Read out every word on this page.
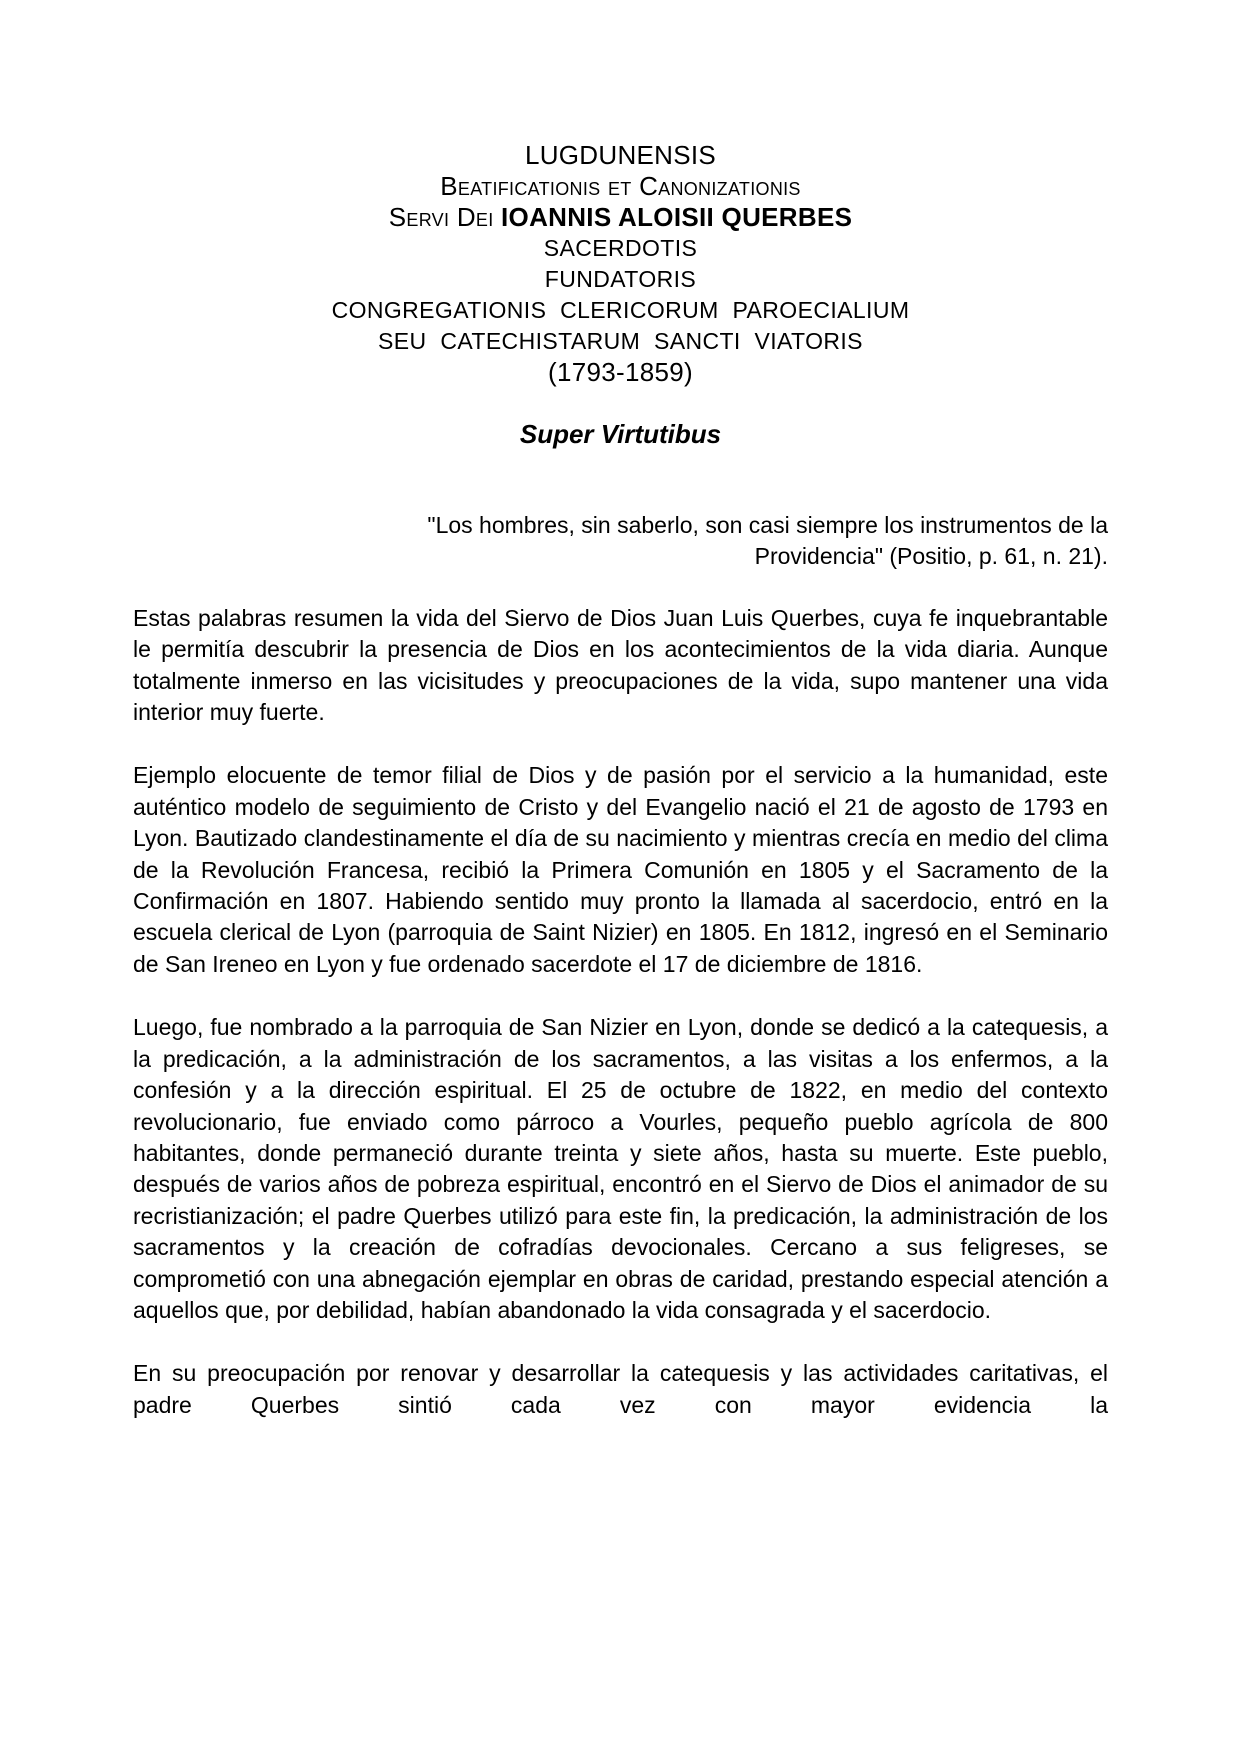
LUGDUNENSIS
Beatificationis et Canonizationis
Servi Dei IOANNIS ALOISII QUERBES
SACERDOTIS
FUNDATORIS
CONGREGATIONIS CLERICORUM PAROECIALIUM
SEU CATECHISTARUM SANCTI VIATORIS
(1793-1859)
Super Virtutibus
"Los hombres, sin saberlo, son casi siempre los instrumentos de la
Providencia" (Positio, p. 61, n. 21).

Estas palabras resumen la vida del Siervo de Dios Juan Luis Querbes, cuya fe inquebrantable le permitía descubrir la presencia de Dios en los acontecimientos de la vida diaria. Aunque totalmente inmerso en las vicisitudes y preocupaciones de la vida, supo mantener una vida interior muy fuerte.

Ejemplo elocuente de temor filial de Dios y de pasión por el servicio a la humanidad, este auténtico modelo de seguimiento de Cristo y del Evangelio nació el 21 de agosto de 1793 en Lyon. Bautizado clandestinamente el día de su nacimiento y mientras crecía en medio del clima de la Revolución Francesa, recibió la Primera Comunión en 1805 y el Sacramento de la Confirmación en 1807. Habiendo sentido muy pronto la llamada al sacerdocio, entró en la escuela clerical de Lyon (parroquia de Saint Nizier) en 1805. En 1812, ingresó en el Seminario de San Ireneo en Lyon y fue ordenado sacerdote el 17 de diciembre de 1816.

Luego, fue nombrado a la parroquia de San Nizier en Lyon, donde se dedicó a la catequesis, a la predicación, a la administración de los sacramentos, a las visitas a los enfermos, a la confesión y a la dirección espiritual. El 25 de octubre de 1822, en medio del contexto revolucionario, fue enviado como párroco a Vourles, pequeño pueblo agrícola de 800 habitantes, donde permaneció durante treinta y siete años, hasta su muerte. Este pueblo, después de varios años de pobreza espiritual, encontró en el Siervo de Dios el animador de su recristianización; el padre Querbes utilizó para este fin, la predicación, la administración de los sacramentos y la creación de cofradías devocionales. Cercano a sus feligreses, se comprometió con una abnegación ejemplar en obras de caridad, prestando especial atención a aquellos que, por debilidad, habían abandonado la vida consagrada y el sacerdocio.

En su preocupación por renovar y desarrollar la catequesis y las actividades caritativas, el padre Querbes sintió cada vez con mayor evidencia la
